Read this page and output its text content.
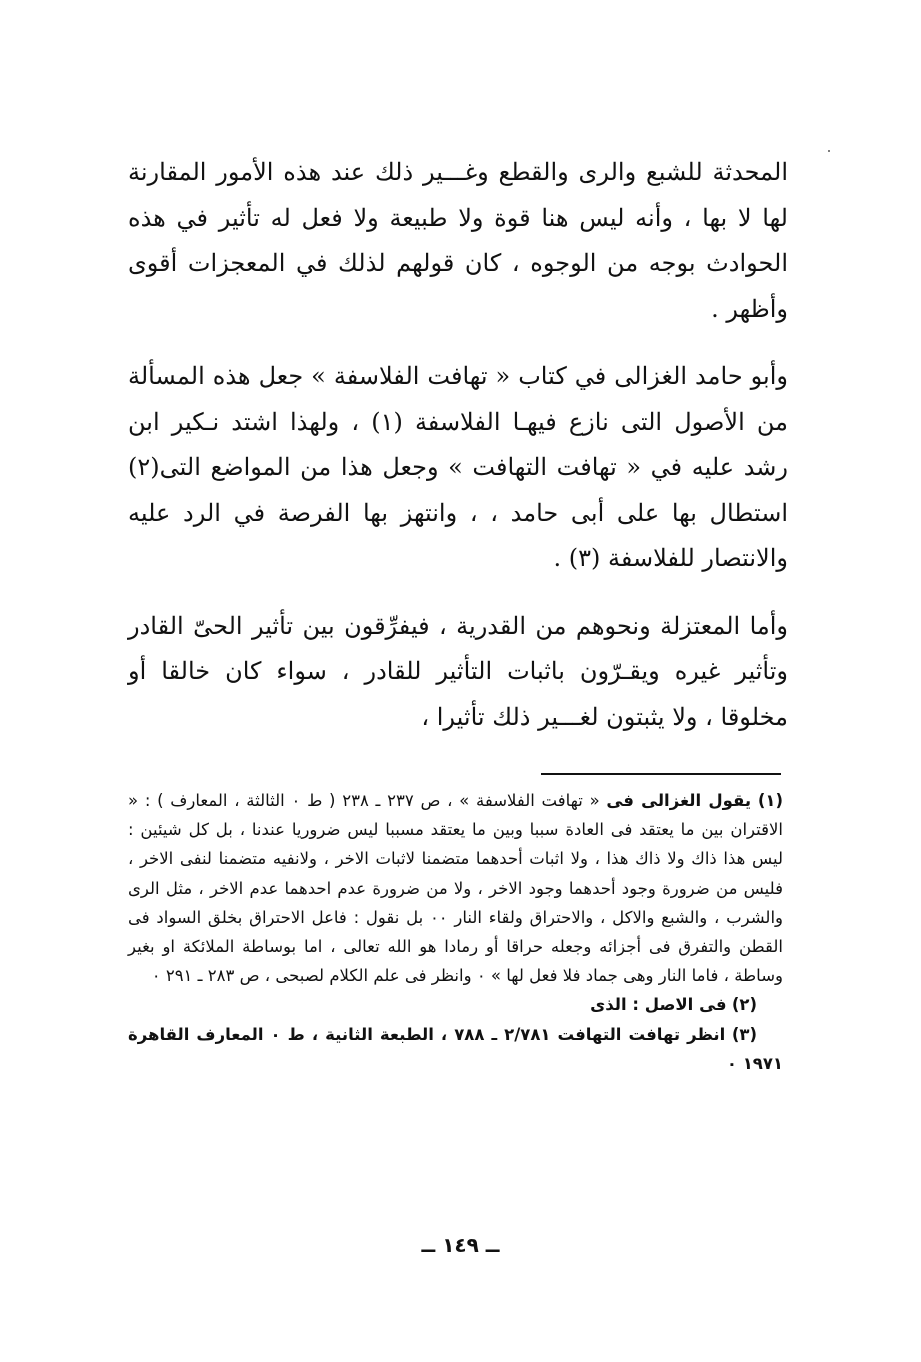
المحدثة للشبع والرى والقطع وغـــير ذلك عند هذه الأمور المقارنة لها لا بها ، وأنه ليس هنا قوة ولا طبيعة ولا فعل له تأثير في هذه الحوادث بوجه من الوجوه ، كان قولهم لذلك في المعجزات أقوى وأظهر .

وأبو حامد الغزالى في كتاب « تهافت الفلاسفة » جعل هذه المسألة من الأصول التى نازع فيهـا الفلاسفة (١) ، ولهذا اشتد نـكير ابن رشد عليه في « تهافت التهافت » وجعل هذا من المواضع التى(٢) استطال بها على أبى حامد ، ، وانتهز بها الفرصة في الرد عليه والانتصار للفلاسفة (٣) .

وأما المعتزلة ونحوهم من القدرية ، فيفرِّقون بين تأثير الحىّ القادر وتأثير غيره ويقـرّون باثبات التأثير للقادر ، سواء كان خالقا أو مخلوقا ، ولا يثبتون لغـــير ذلك تأثيرا ،

(١) يقول الغزالى فى « تهافت الفلاسفة » ، ص ٢٣٧ ـ ٢٣٨ ( ط ٠ الثالثة ، المعارف ) : « الاقتران بين ما يعتقد فى العادة سببا وبين ما يعتقد مسببا ليس ضروريا عندنا ، بل كل شيئين : ليس هذا ذاك ولا ذاك هذا ، ولا اثبات أحدهما متضمنا لاثبات الاخر ، ولانفيه متضمنا لنفى الاخر ، فليس من ضرورة وجود أحدهما وجود الاخر ، ولا من ضرورة عدم احدهما عدم الاخر ، مثل الرى والشرب ، والشبع والاكل ، والاحتراق ولقاء النار ٠٠ بل نقول : فاعل الاحتراق بخلق السواد فى القطن والتفرق فى أجزائه وجعله حراقا أو رمادا هو الله تعالى ، اما بوساطة الملائكة او بغير وساطة ، فاما النار وهى جماد فلا فعل لها » ٠ وانظر فى علم الكلام لصبحى ، ص ٢٨٣ ـ ٢٩١ ٠

(٢) فى الاصل : الذى

(٣) انظر تهافت التهافت ٢/٧٨١ ـ ٧٨٨ ، الطبعة الثانية ، ط ٠ المعارف القاهرة ١٩٧١ ٠

ــ ١٤٩ ــ
